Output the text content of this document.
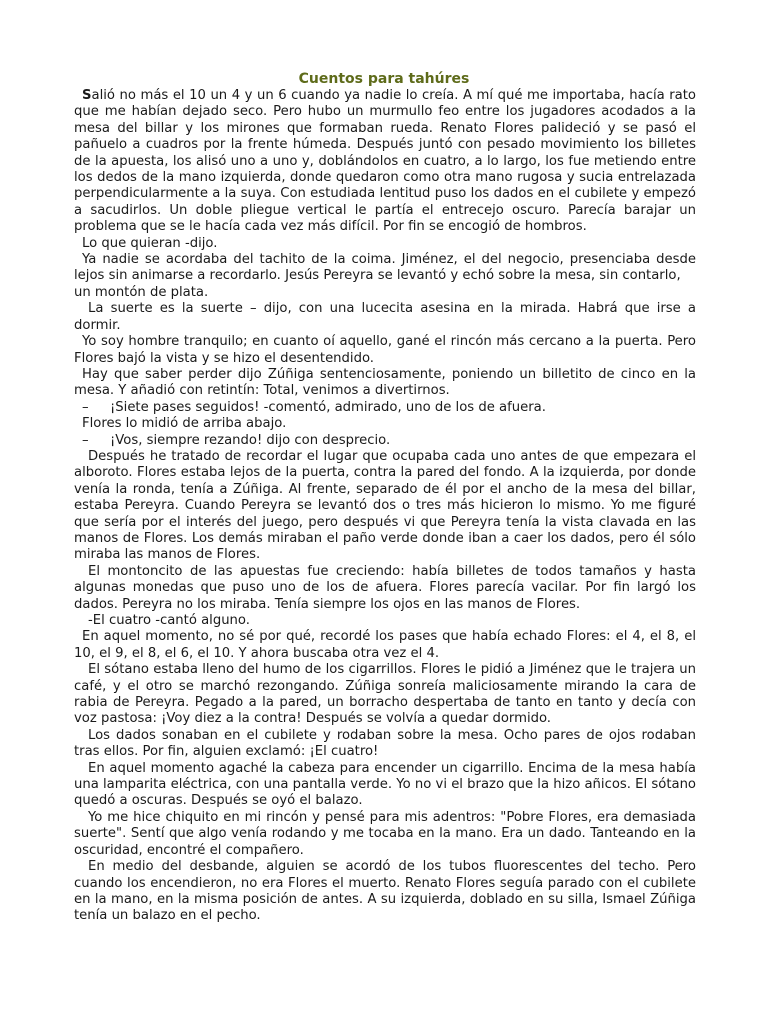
Cuentos para tahúres

Salió no más el 10 un 4 y un 6 cuando ya nadie lo creía. A mí qué me importaba, hacía rato que me habían dejado seco. Pero hubo un murmullo feo entre los jugadores acodados a la mesa del billar y los mirones que formaban rueda. Renato Flores palideció y se pasó el pañuelo a cuadros por la frente húmeda. Después juntó con pesado movimiento los billetes de la apuesta, los alisó uno a uno y, doblándolos en cuatro, a lo largo, los fue metiendo entre los dedos de la mano izquierda, donde quedaron como otra mano rugosa y sucia entrelazada perpendicularmente a la suya. Con estudiada lentitud puso los dados en el cubilete y empezó a sacudirlos. Un doble pliegue vertical le partía el entrecejo oscuro. Parecía barajar un problema que se le hacía cada vez más difícil. Por fin se encogió de hombros.

Lo que quieran -dijo.

Ya nadie se acordaba del tachito de la coima. Jiménez, el del negocio, presenciaba desde lejos sin animarse a recordarlo. Jesús Pereyra se levantó y echó sobre la mesa, sin contarlo,

un montón de plata.

La suerte es la suerte – dijo, con una lucecita asesina en la mirada. Habrá que irse a dormir.

Yo soy hombre tranquilo; en cuanto oí aquello, gané el rincón más cercano a la puerta. Pero Flores bajó la vista y se hizo el desentendido.

Hay que saber perder dijo Zúñiga sentenciosamente, poniendo un billetito de cinco en la mesa. Y añadió con retintín: Total, venimos a divertirnos.

– ¡Siete pases seguidos! -comentó, admirado, uno de los de afuera.

Flores lo midió de arriba abajo.

– ¡Vos, siempre rezando! dijo con desprecio.

Después he tratado de recordar el lugar que ocupaba cada uno antes de que empezara el alboroto. Flores estaba lejos de la puerta, contra la pared del fondo. A la izquierda, por donde venía la ronda, tenía a Zúñiga. Al frente, separado de él por el ancho de la mesa del billar, estaba Pereyra. Cuando Pereyra se levantó dos o tres más hicieron lo mismo. Yo me figuré que sería por el interés del juego, pero después vi que Pereyra tenía la vista clavada en las manos de Flores. Los demás miraban el paño verde donde iban a caer los dados, pero él sólo miraba las manos de Flores.

El montoncito de las apuestas fue creciendo: había billetes de todos tamaños y hasta algunas monedas que puso uno de los de afuera. Flores parecía vacilar. Por fin largó los dados. Pereyra no los miraba. Tenía siempre los ojos en las manos de Flores.

-El cuatro -cantó alguno.

En aquel momento, no sé por qué, recordé los pases que había echado Flores: el 4, el 8, el 10, el 9, el 8, el 6, el 10. Y ahora buscaba otra vez el 4.

El sótano estaba lleno del humo de los cigarrillos. Flores le pidió a Jiménez que le trajera un café, y el otro se marchó rezongando. Zúñiga sonreía maliciosamente mirando la cara de rabia de Pereyra. Pegado a la pared, un borracho despertaba de tanto en tanto y decía con voz pastosa: ¡Voy diez a la contra! Después se volvía a quedar dormido.

Los dados sonaban en el cubilete y rodaban sobre la mesa. Ocho pares de ojos rodaban tras ellos. Por fin, alguien exclamó: ¡El cuatro!

En aquel momento agaché la cabeza para encender un cigarrillo. Encima de la mesa había una lamparita eléctrica, con una pantalla verde. Yo no vi el brazo que la hizo añicos. El sótano quedó a oscuras. Después se oyó el balazo.

Yo me hice chiquito en mi rincón y pensé para mis adentros: "Pobre Flores, era demasiada suerte". Sentí que algo venía rodando y me tocaba en la mano. Era un dado. Tanteando en la oscuridad, encontré el compañero.

En medio del desbande, alguien se acordó de los tubos fluorescentes del techo. Pero cuando los encendieron, no era Flores el muerto. Renato Flores seguía parado con el cubilete en la mano, en la misma posición de antes. A su izquierda, doblado en su silla, Ismael Zúñiga tenía un balazo en el pecho.
